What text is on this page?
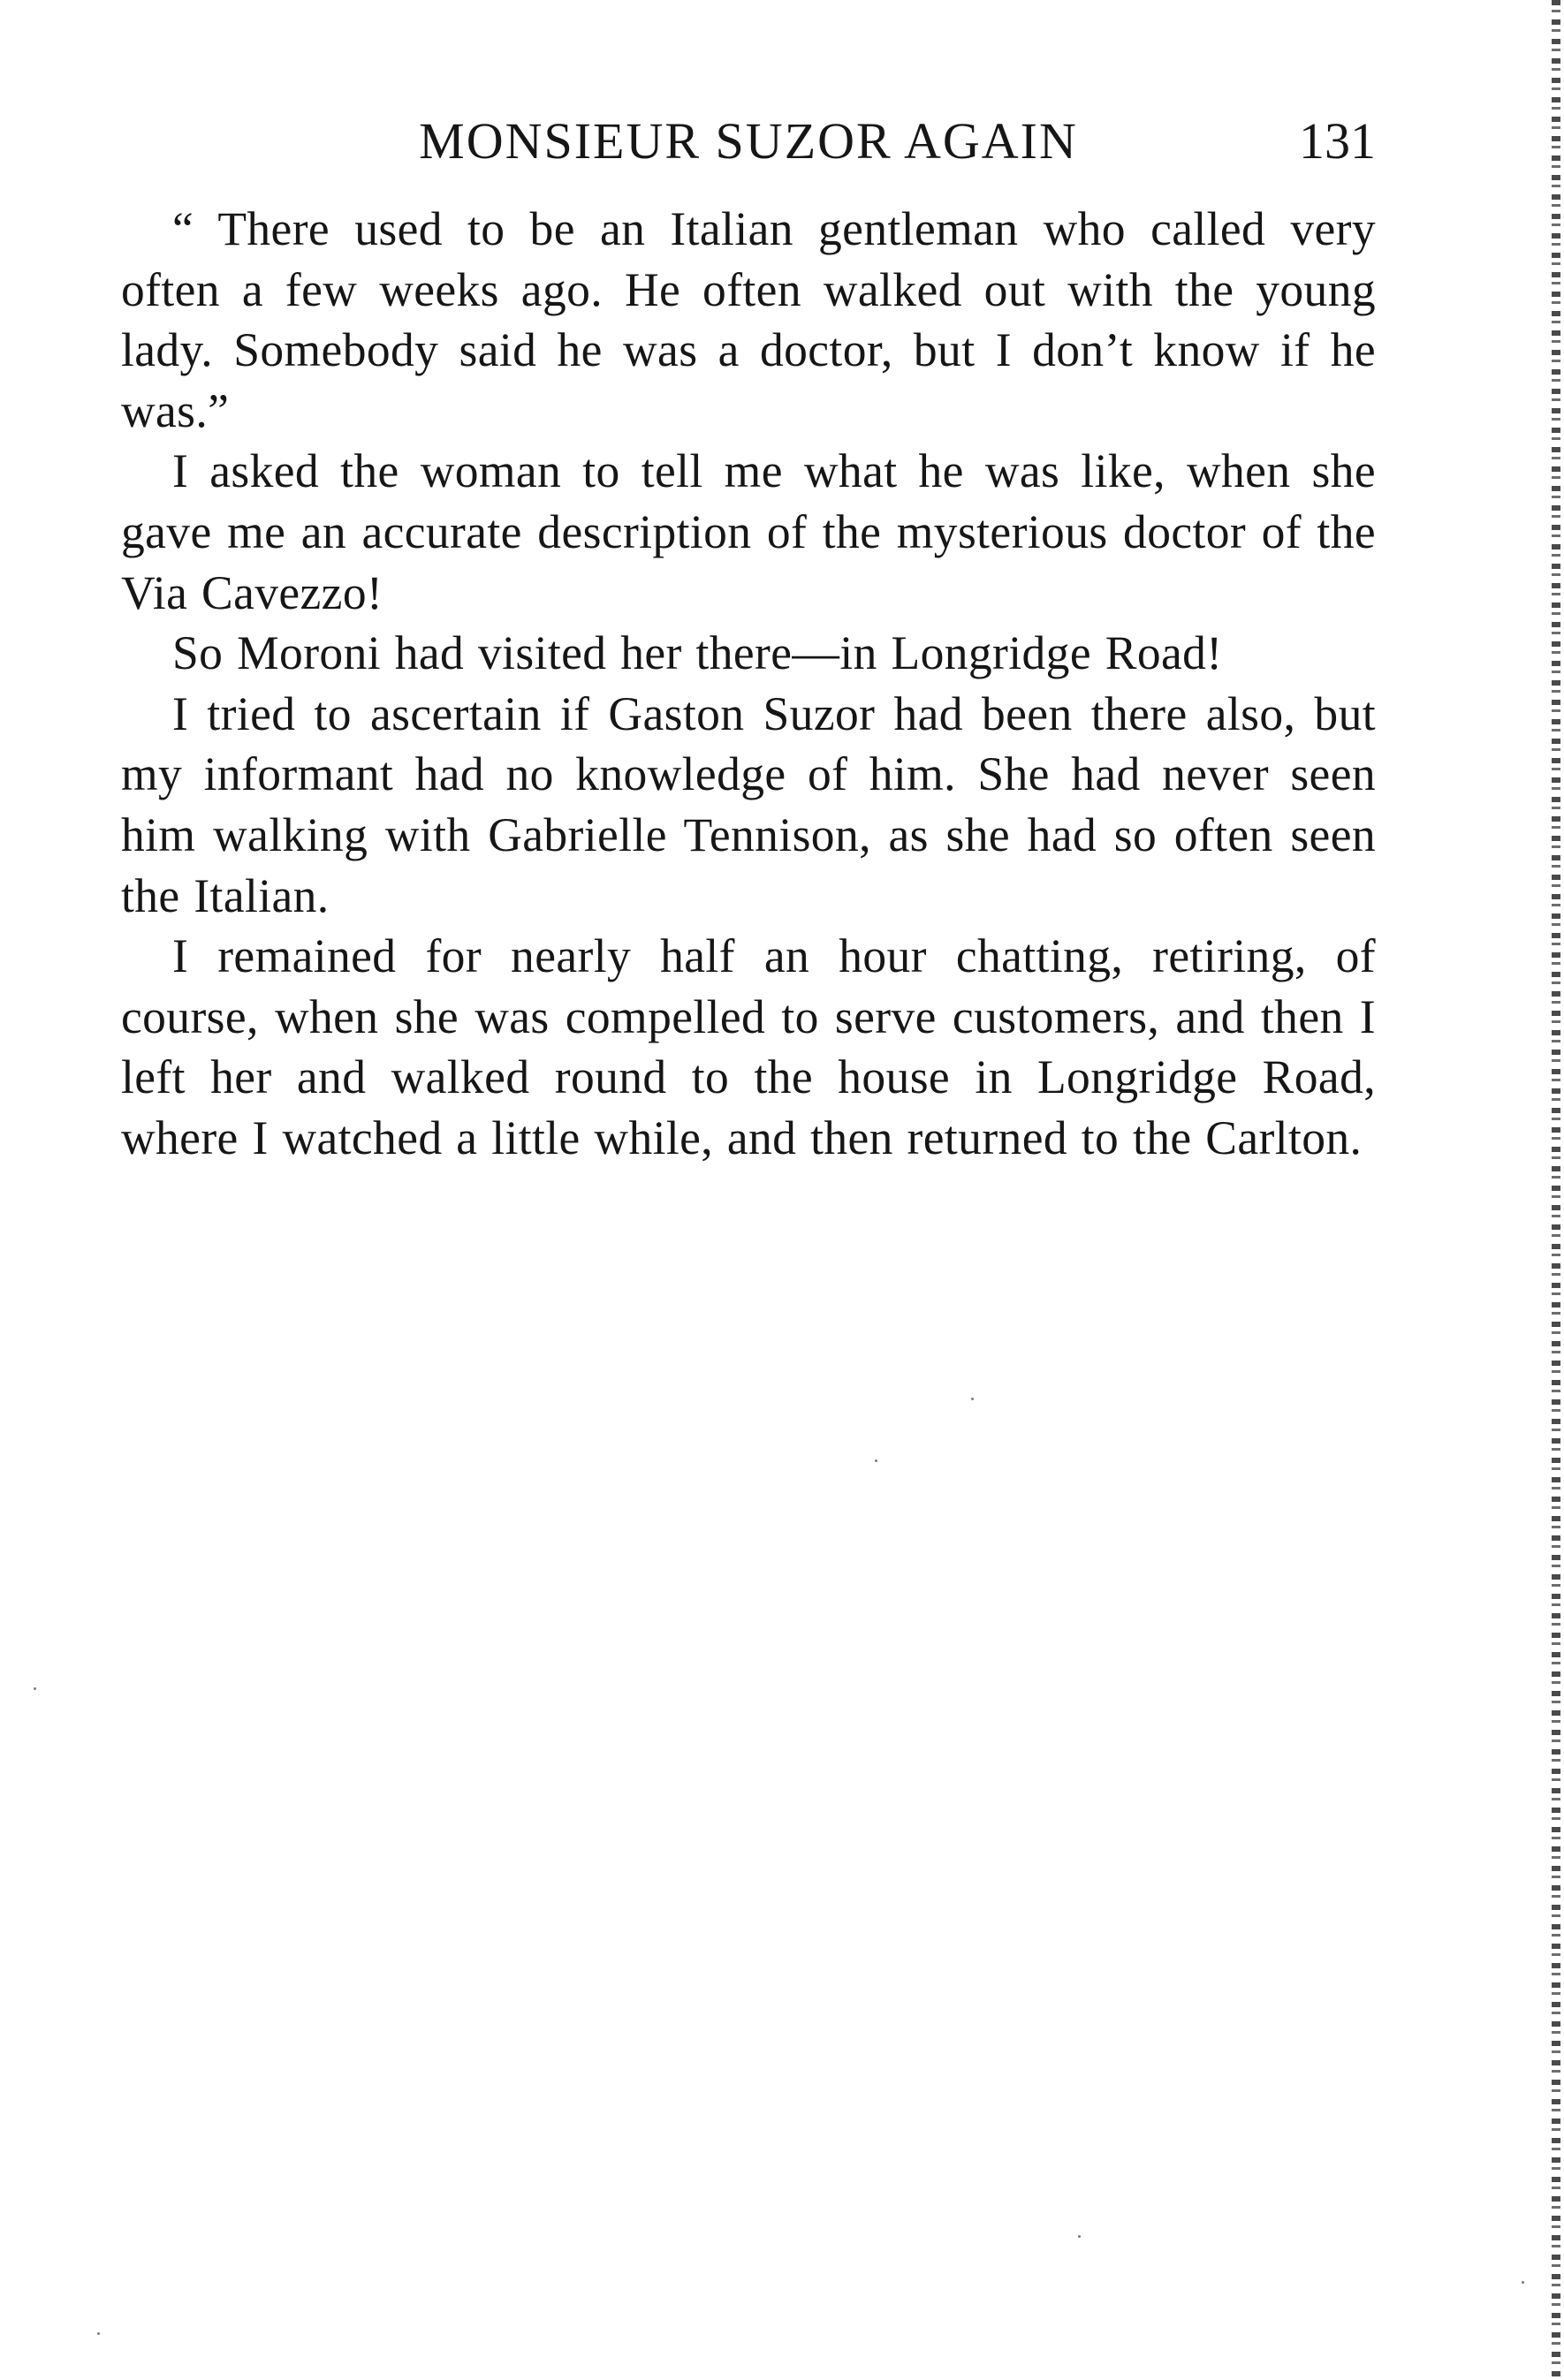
MONSIEUR SUZOR AGAIN	131

“ There used to be an Italian gentleman who called very often a few weeks ago. He often walked out with the young lady. Somebody said he was a doctor, but I don’t know if he was.”

I asked the woman to tell me what he was like, when she gave me an accurate description of the mysterious doctor of the Via Cavezzo!

So Moroni had visited her there—in Longridge Road!

I tried to ascertain if Gaston Suzor had been there also, but my informant had no knowledge of him. She had never seen him walking with Gabrielle Tennison, as she had so often seen the Italian.

I remained for nearly half an hour chatting, retiring, of course, when she was compelled to serve customers, and then I left her and walked round to the house in Longridge Road, where I watched a little while, and then returned to the Carlton.
